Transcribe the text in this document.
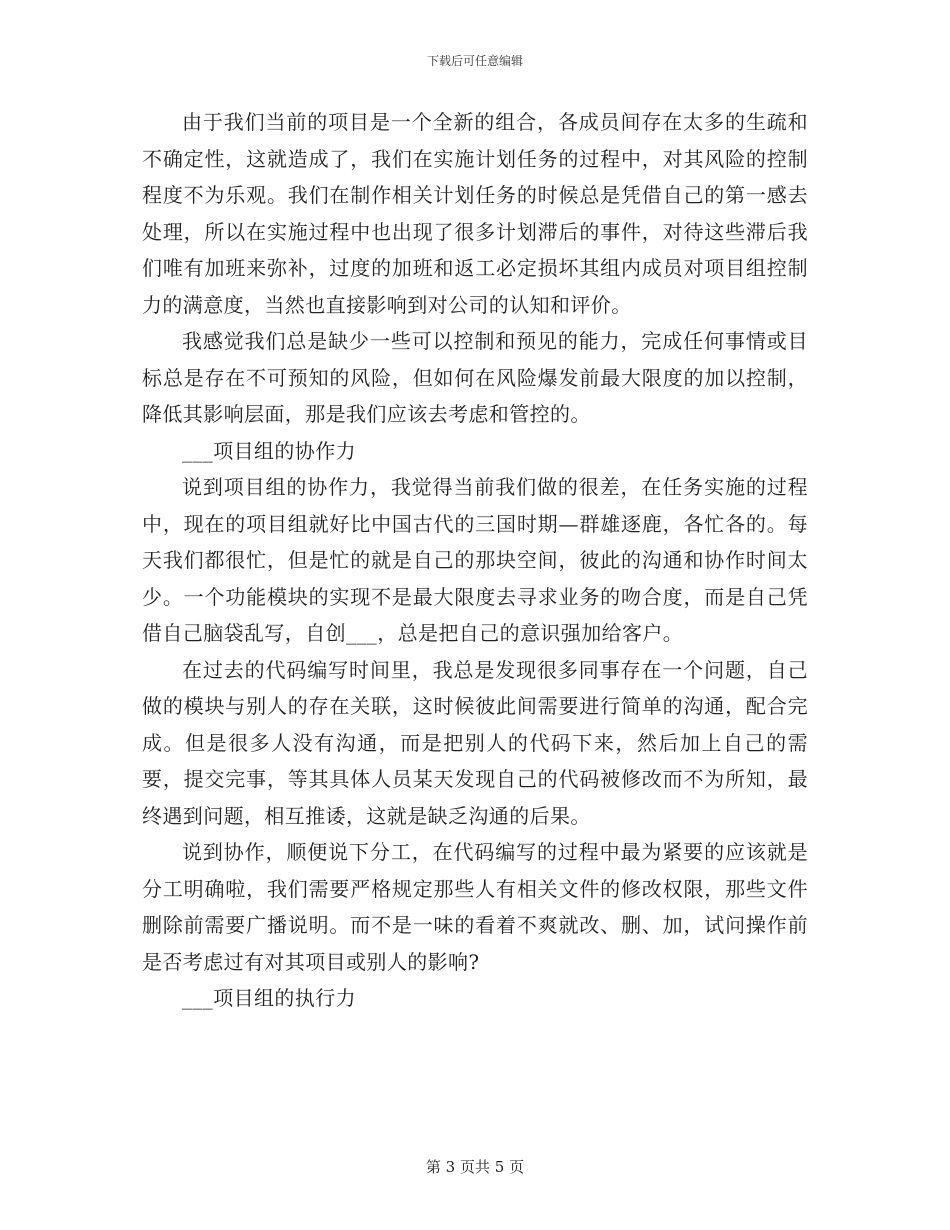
下载后可任意编辑

由于我们当前的项目是一个全新的组合，各成员间存在太多的生疏和不确定性，这就造成了，我们在实施计划任务的过程中，对其风险的控制程度不为乐观。我们在制作相关计划任务的时候总是凭借自己的第一感去处理，所以在实施过程中也出现了很多计划滞后的事件，对待这些滞后我们唯有加班来弥补，过度的加班和返工必定损坏其组内成员对项目组控制力的满意度，当然也直接影响到对公司的认知和评价。

我感觉我们总是缺少一些可以控制和预见的能力，完成任何事情或目标总是存在不可预知的风险，但如何在风险爆发前最大限度的加以控制，降低其影响层面，那是我们应该去考虑和管控的。

___项目组的协作力

说到项目组的协作力，我觉得当前我们做的很差，在任务实施的过程中，现在的项目组就好比中国古代的三国时期—群雄逐鹿，各忙各的。每天我们都很忙，但是忙的就是自己的那块空间，彼此的沟通和协作时间太少。一个功能模块的实现不是最大限度去寻求业务的吻合度，而是自己凭借自己脑袋乱写，自创___，总是把自己的意识强加给客户。

在过去的代码编写时间里，我总是发现很多同事存在一个问题，自己做的模块与别人的存在关联，这时候彼此间需要进行简单的沟通，配合完成。但是很多人没有沟通，而是把别人的代码下来，然后加上自己的需要，提交完事，等其具体人员某天发现自己的代码被修改而不为所知，最终遇到问题，相互推诿，这就是缺乏沟通的后果。

说到协作，顺便说下分工，在代码编写的过程中最为紧要的应该就是分工明确啦，我们需要严格规定那些人有相关文件的修改权限，那些文件删除前需要广播说明。而不是一味的看着不爽就改、删、加，试问操作前是否考虑过有对其项目或别人的影响?

___项目组的执行力

第 3 页共 5 页
